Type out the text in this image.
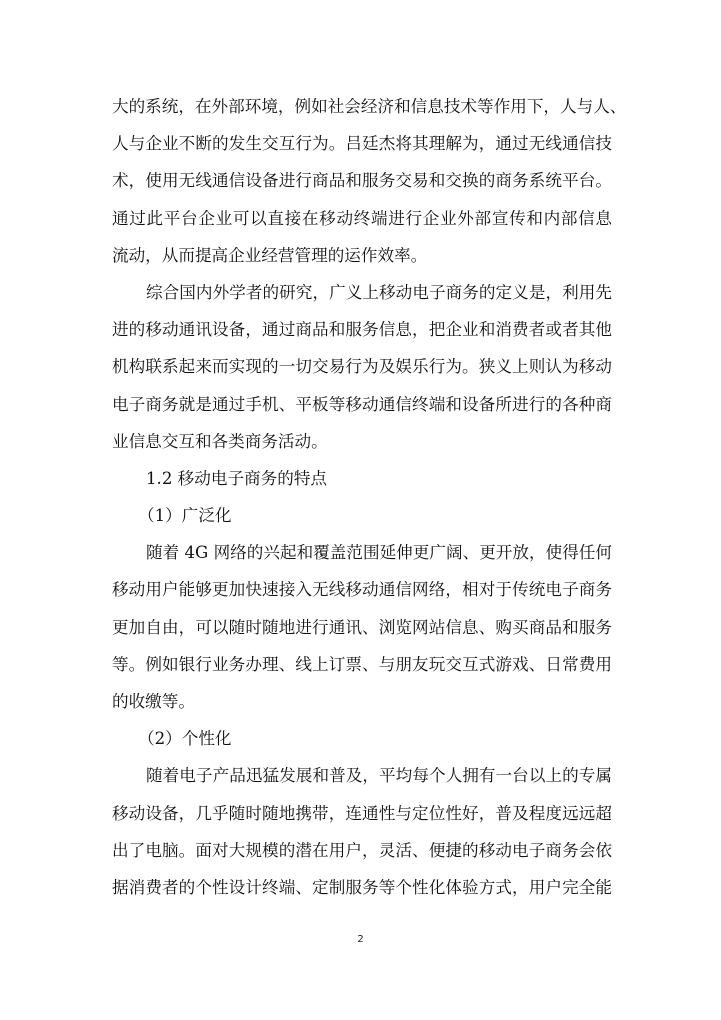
大的系统，在外部环境，例如社会经济和信息技术等作用下，人与人、
人与企业不断的发生交互行为。吕廷杰将其理解为，通过无线通信技
术，使用无线通信设备进行商品和服务交易和交换的商务系统平台。
通过此平台企业可以直接在移动终端进行企业外部宣传和内部信息
流动，从而提高企业经营管理的运作效率。
综合国内外学者的研究，广义上移动电子商务的定义是，利用先
进的移动通讯设备，通过商品和服务信息，把企业和消费者或者其他
机构联系起来而实现的一切交易行为及娱乐行为。狭义上则认为移动
电子商务就是通过手机、平板等移动通信终端和设备所进行的各种商
业信息交互和各类商务活动。
1.2 移动电子商务的特点
（1）广泛化
随着 4G 网络的兴起和覆盖范围延伸更广阔、更开放，使得任何
移动用户能够更加快速接入无线移动通信网络，相对于传统电子商务
更加自由，可以随时随地进行通讯、浏览网站信息、购买商品和服务
等。例如银行业务办理、线上订票、与朋友玩交互式游戏、日常费用
的收缴等。
（2）个性化
随着电子产品迅猛发展和普及，平均每个人拥有一台以上的专属
移动设备，几乎随时随地携带，连通性与定位性好，普及程度远远超
出了电脑。面对大规模的潜在用户，灵活、便捷的移动电子商务会依
据消费者的个性设计终端、定制服务等个性化体验方式，用户完全能
2
